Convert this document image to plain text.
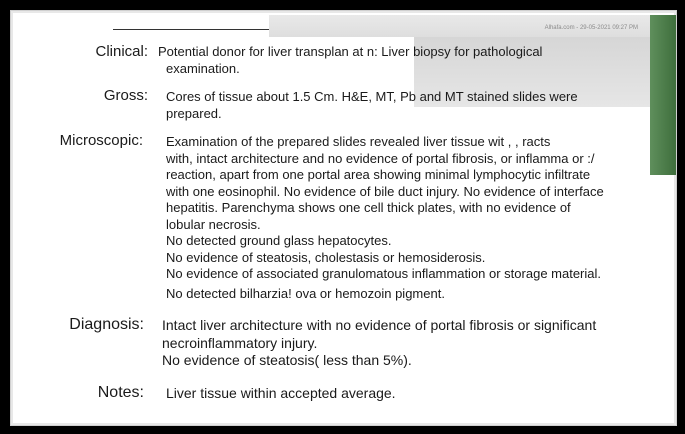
Alhafa.com - 29-05-2021 09:27 PM
Clinical: Potential donor for liver transplan at n: Liver biopsy for pathological
examination.
Gross: Cores of tissue about 1.5 Cm. H&E, MT, Pb and MT stained slides were
prepared.
Microscopic: Examination of the prepared slides revealed liver tissue wit , , racts
with, intact architecture and no evidence of portal fibrosis, or inflamma or :/
reaction, apart from one portal area showing minimal lymphocytic infiltrate
with one eosinophil. No evidence of bile duct injury. No evidence of interface
hepatitis. Parenchyma shows one cell thick plates, with no evidence of
lobular necrosis.
No detected ground glass hepatocytes.
No evidence of steatosis, cholestasis or hemosiderosis.
No evidence of associated granulomatous inflammation or storage material.
No detected bilharzia! ova or hemozoin pigment.
Diagnosis: Intact liver architecture with no evidence of portal fibrosis or significant
necroinflammatory injury.
No evidence of steatosis( less than 5%).
Notes: Liver tissue within accepted average.
